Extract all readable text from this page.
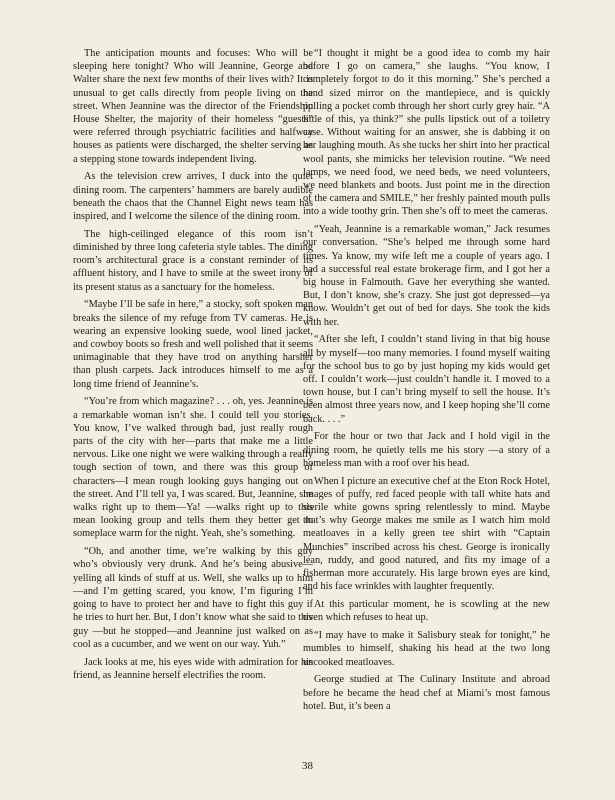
The anticipation mounts and focuses: Who will be sleeping here tonight? Who will Jeannine, George and Walter share the next few months of their lives with? It is unusual to get calls directly from people living on the street. When Jeannine was the director of the Friendship House Shelter, the majority of their homeless “guests” were referred through psychiatric facilities and halfway houses as patients were discharged, the shelter serving as a stepping stone towards independent living.

As the television crew arrives, I duck into the quiet dining room. The carpenters’ hammers are barely audible beneath the chaos that the Channel Eight news team has inspired, and I welcome the silence of the dining room.

The high-ceilinged elegance of this room isn’t diminished by three long cafeteria style tables. The dining room’s architectural grace is a constant reminder of its affluent history, and I have to smile at the sweet irony of its present status as a sanctuary for the homeless.

“Maybe I’ll be safe in here,” a stocky, soft spoken man breaks the silence of my refuge from TV cameras. He is wearing an expensive looking suede, wool lined jacket, and cowboy boots so fresh and well polished that it seems unimaginable that they have trod on anything harsher than plush carpets. Jack introduces himself to me as a long time friend of Jeannine’s.

“You’re from which magazine? . . . oh, yes. Jeannine is a remarkable woman isn’t she. I could tell you stories. You know, I’ve walked through bad, just really rough parts of the city with her—parts that make me a little nervous. Like one night we were walking through a really tough section of town, and there was this group of characters—I mean rough looking guys hanging out on the street. And I’ll tell ya, I was scared. But, Jeannine, she walks right up to them—Ya! —walks right up to this mean looking group and tells them they better get to someplace warm for the night. Yeah, she’s something.

“Oh, and another time, we’re walking by this guy who’s obviously very drunk. And he’s being abusive—yelling all kinds of stuff at us. Well, she walks up to him—and I’m getting scared, you know, I’m figuring I’m going to have to protect her and have to fight this guy if he tries to hurt her. But, I don’t know what she said to this guy —but he stopped—and Jeannine just walked on as cool as a cucumber, and we went on our way. Yuh.”

Jack looks at me, his eyes wide with admiration for his friend, as Jeannine herself electrifies the room.

“I thought it might be a good idea to comb my hair before I go on camera,” she laughs. “You know, I completely forgot to do it this morning.” She’s perched a hand sized mirror on the mantlepiece, and is quickly pulling a pocket comb through her short curly grey hair. “A little of this, ya think?” she pulls lipstick out of a toiletry case. Without waiting for an answer, she is dabbing it on her laughing mouth. As she tucks her shirt into her practical wool pants, she mimicks her television routine. “We need lamps, we need food, we need beds, we need volunteers, we need blankets and boots. Just point me in the direction of the camera and SMILE,” her freshly painted mouth pulls into a wide toothy grin. Then she’s off to meet the cameras.

“Yeah, Jeannine is a remarkable woman,” Jack resumes our conversation. “She’s helped me through some hard times. Ya know, my wife left me a couple of years ago. I had a successful real estate brokerage firm, and I got her a big house in Falmouth. Gave her everything she wanted. But, I don’t know, she’s crazy. She just got depressed—ya know. Wouldn’t get out of bed for days. She took the kids with her.

“After she left, I couldn’t stand living in that big house all by myself—too many memories. I found myself waiting for the school bus to go by just hoping my kids would get off. I couldn’t work—just couldn’t handle it. I moved to a town house, but I can’t bring myself to sell the house. It’s been almost three years now, and I keep hoping she’ll come back. . . .”

For the hour or two that Jack and I hold vigil in the dining room, he quietly tells me his story —a story of a homeless man with a roof over his head.

When I picture an executive chef at the Eton Rock Hotel, images of puffy, red faced people with tall white hats and sterile white gowns spring relentlessly to mind. Maybe that’s why George makes me smile as I watch him mold meatloaves in a kelly green tee shirt with “Captain Munchies” inscribed across his chest. George is ironically lean, ruddy, and good natured, and fits my image of a fisherman more accurately. His large brown eyes are kind, and his face wrinkles with laughter frequently.

At this particular moment, he is scowling at the new oven which refuses to heat up.

“I may have to make it Salisbury steak for tonight,” he mumbles to himself, shaking his head at the two long uncooked meatloaves.

George studied at The Culinary Institute and abroad before he became the head chef at Miami’s most famous hotel. But, it’s been a

38
